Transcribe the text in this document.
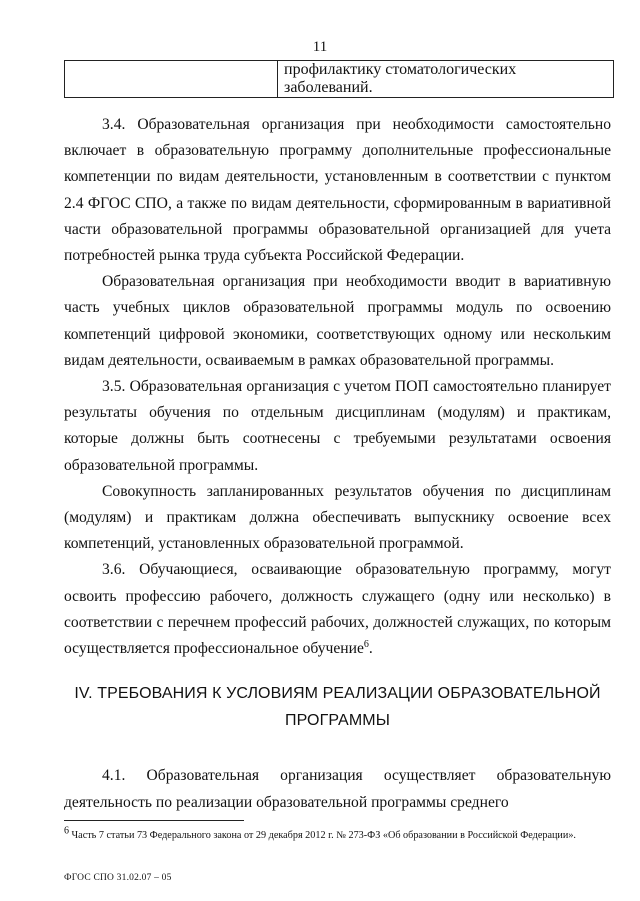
11
	профилактику стоматологических заболеваний.

3.4. Образовательная организация при необходимости самостоятельно включает в образовательную программу дополнительные профессиональные компетенции по видам деятельности, установленным в соответствии с пунктом 2.4 ФГОС СПО, а также по видам деятельности, сформированным в вариативной части образовательной программы образовательной организацией для учета потребностей рынка труда субъекта Российской Федерации.

Образовательная организация при необходимости вводит в вариативную часть учебных циклов образовательной программы модуль по освоению компетенций цифровой экономики, соответствующих одному или нескольким видам деятельности, осваиваемым в рамках образовательной программы.

3.5. Образовательная организация с учетом ПОП самостоятельно планирует результаты обучения по отдельным дисциплинам (модулям) и практикам, которые должны быть соотнесены с требуемыми результатами освоения образовательной программы.

Совокупность запланированных результатов обучения по дисциплинам (модулям) и практикам должна обеспечивать выпускнику освоение всех компетенций, установленных образовательной программой.

3.6. Обучающиеся, осваивающие образовательную программу, могут освоить профессию рабочего, должность служащего (одну или несколько) в соответствии с перечнем профессий рабочих, должностей служащих, по которым осуществляется профессиональное обучение$^6$.

IV. ТРЕБОВАНИЯ К УСЛОВИЯМ РЕАЛИЗАЦИИ ОБРАЗОВАТЕЛЬНОЙ ПРОГРАММЫ

4.1. Образовательная организация осуществляет образовательную деятельность по реализации образовательной программы среднего

$^6$ Часть 7 статьи 73 Федерального закона от 29 декабря 2012 г. № 273-ФЗ «Об образовании в Российской Федерации».
ФГОС СПО 31.02.07 – 05
